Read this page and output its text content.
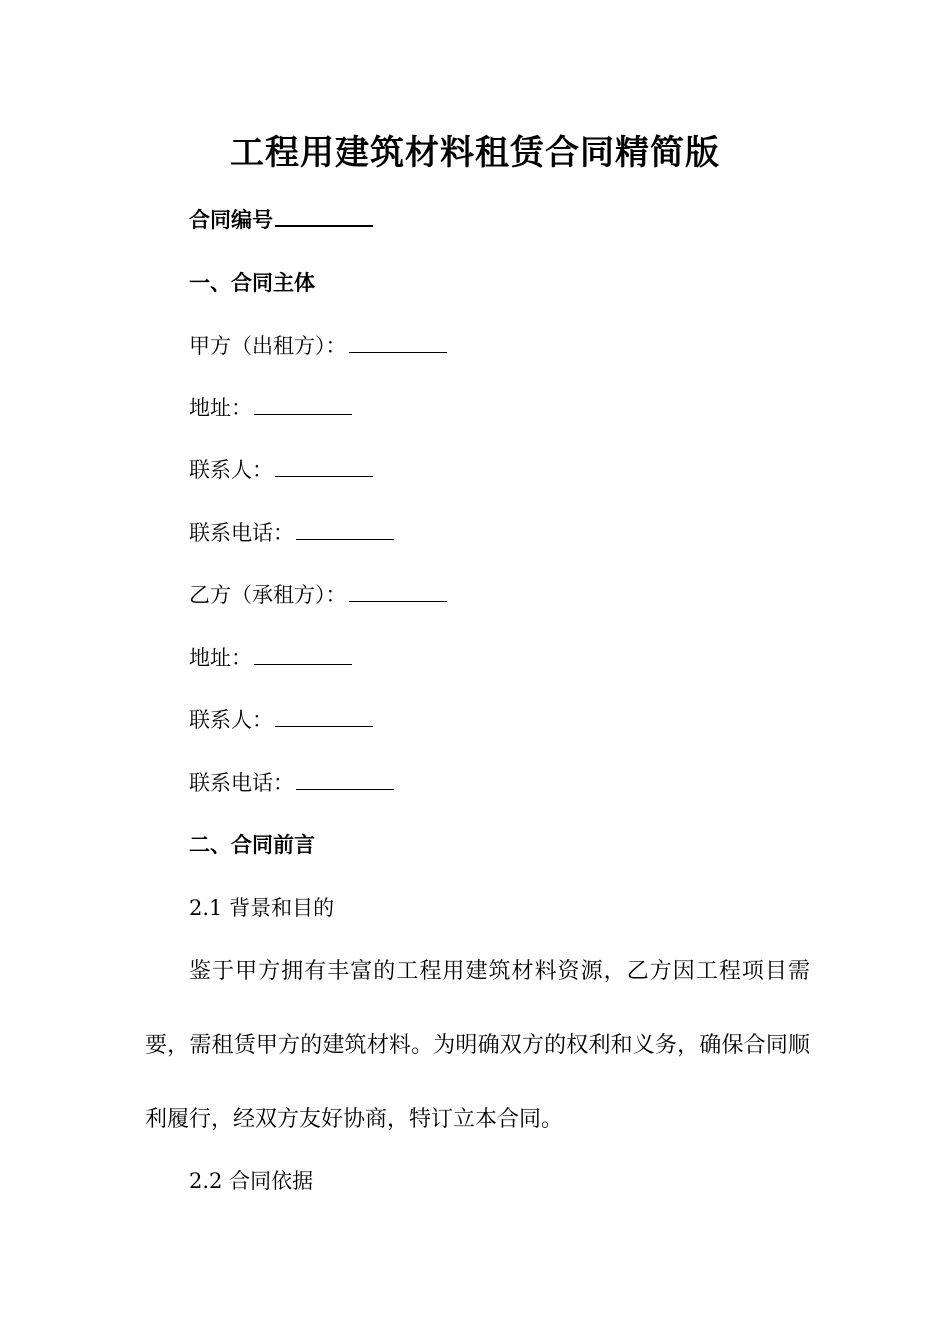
工程用建筑材料租赁合同精简版
合同编号
一、合同主体
甲方（出租方）：
地址：
联系人：
联系电话：
乙方（承租方）：
地址：
联系人：
联系电话：
二、合同前言
2.1 背景和目的
鉴于甲方拥有丰富的工程用建筑材料资源，乙方因工程项目需要，需租赁甲方的建筑材料。为明确双方的权利和义务，确保合同顺利履行，经双方友好协商，特订立本合同。
2.2 合同依据
